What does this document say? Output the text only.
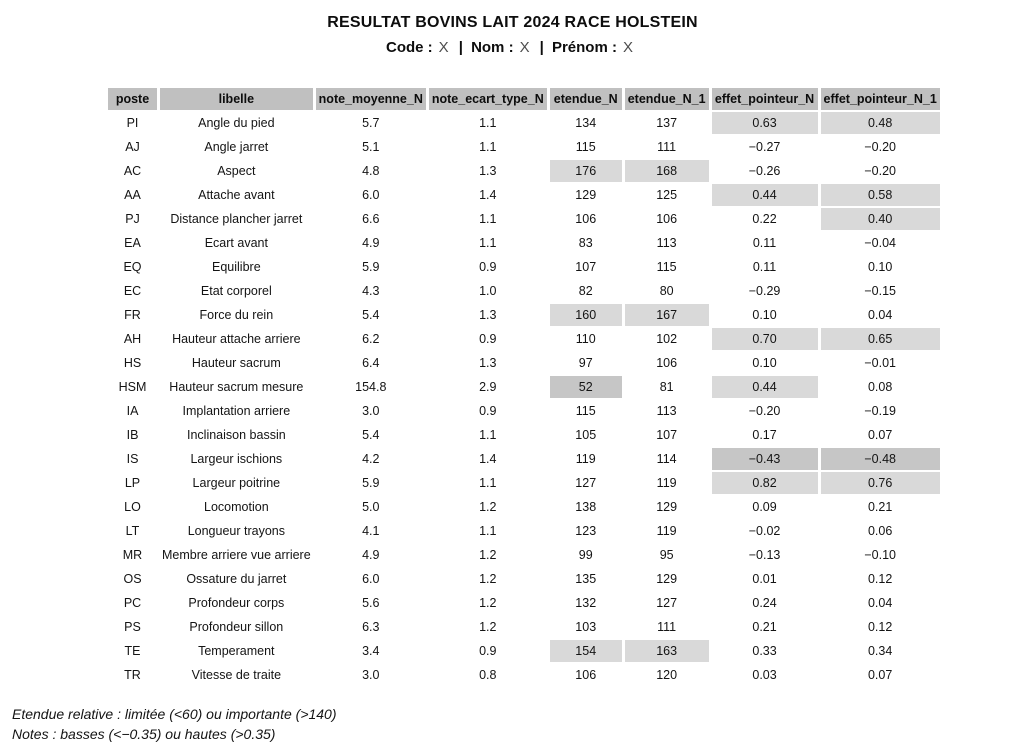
RESULTAT BOVINS LAIT 2024 RACE HOLSTEIN
Code : X | Nom : X | Prénom : X
poste	libelle	note_moyenne_N	note_ecart_type_N	etendue_N	etendue_N_1	effet_pointeur_N	effet_pointeur_N_1
PI	Angle du pied	5.7	1.1	134	137	0.63	0.48
AJ	Angle jarret	5.1	1.1	115	111	−0.27	−0.20
AC	Aspect	4.8	1.3	176	168	−0.26	−0.20
AA	Attache avant	6.0	1.4	129	125	0.44	0.58
PJ	Distance plancher jarret	6.6	1.1	106	106	0.22	0.40
EA	Ecart avant	4.9	1.1	83	113	0.11	−0.04
EQ	Equilibre	5.9	0.9	107	115	0.11	0.10
EC	Etat corporel	4.3	1.0	82	80	−0.29	−0.15
FR	Force du rein	5.4	1.3	160	167	0.10	0.04
AH	Hauteur attache arriere	6.2	0.9	110	102	0.70	0.65
HS	Hauteur sacrum	6.4	1.3	97	106	0.10	−0.01
HSM	Hauteur sacrum mesure	154.8	2.9	52	81	0.44	0.08
IA	Implantation arriere	3.0	0.9	115	113	−0.20	−0.19
IB	Inclinaison bassin	5.4	1.1	105	107	0.17	0.07
IS	Largeur ischions	4.2	1.4	119	114	−0.43	−0.48
LP	Largeur poitrine	5.9	1.1	127	119	0.82	0.76
LO	Locomotion	5.0	1.2	138	129	0.09	0.21
LT	Longueur trayons	4.1	1.1	123	119	−0.02	0.06
MR	Membre arriere vue arriere	4.9	1.2	99	95	−0.13	−0.10
OS	Ossature du jarret	6.0	1.2	135	129	0.01	0.12
PC	Profondeur corps	5.6	1.2	132	127	0.24	0.04
PS	Profondeur sillon	6.3	1.2	103	111	0.21	0.12
TE	Temperament	3.4	0.9	154	163	0.33	0.34
TR	Vitesse de traite	3.0	0.8	106	120	0.03	0.07
Etendue relative : limitée (<60) ou importante (>140)
Notes : basses (<−0.35) ou hautes (>0.35)
